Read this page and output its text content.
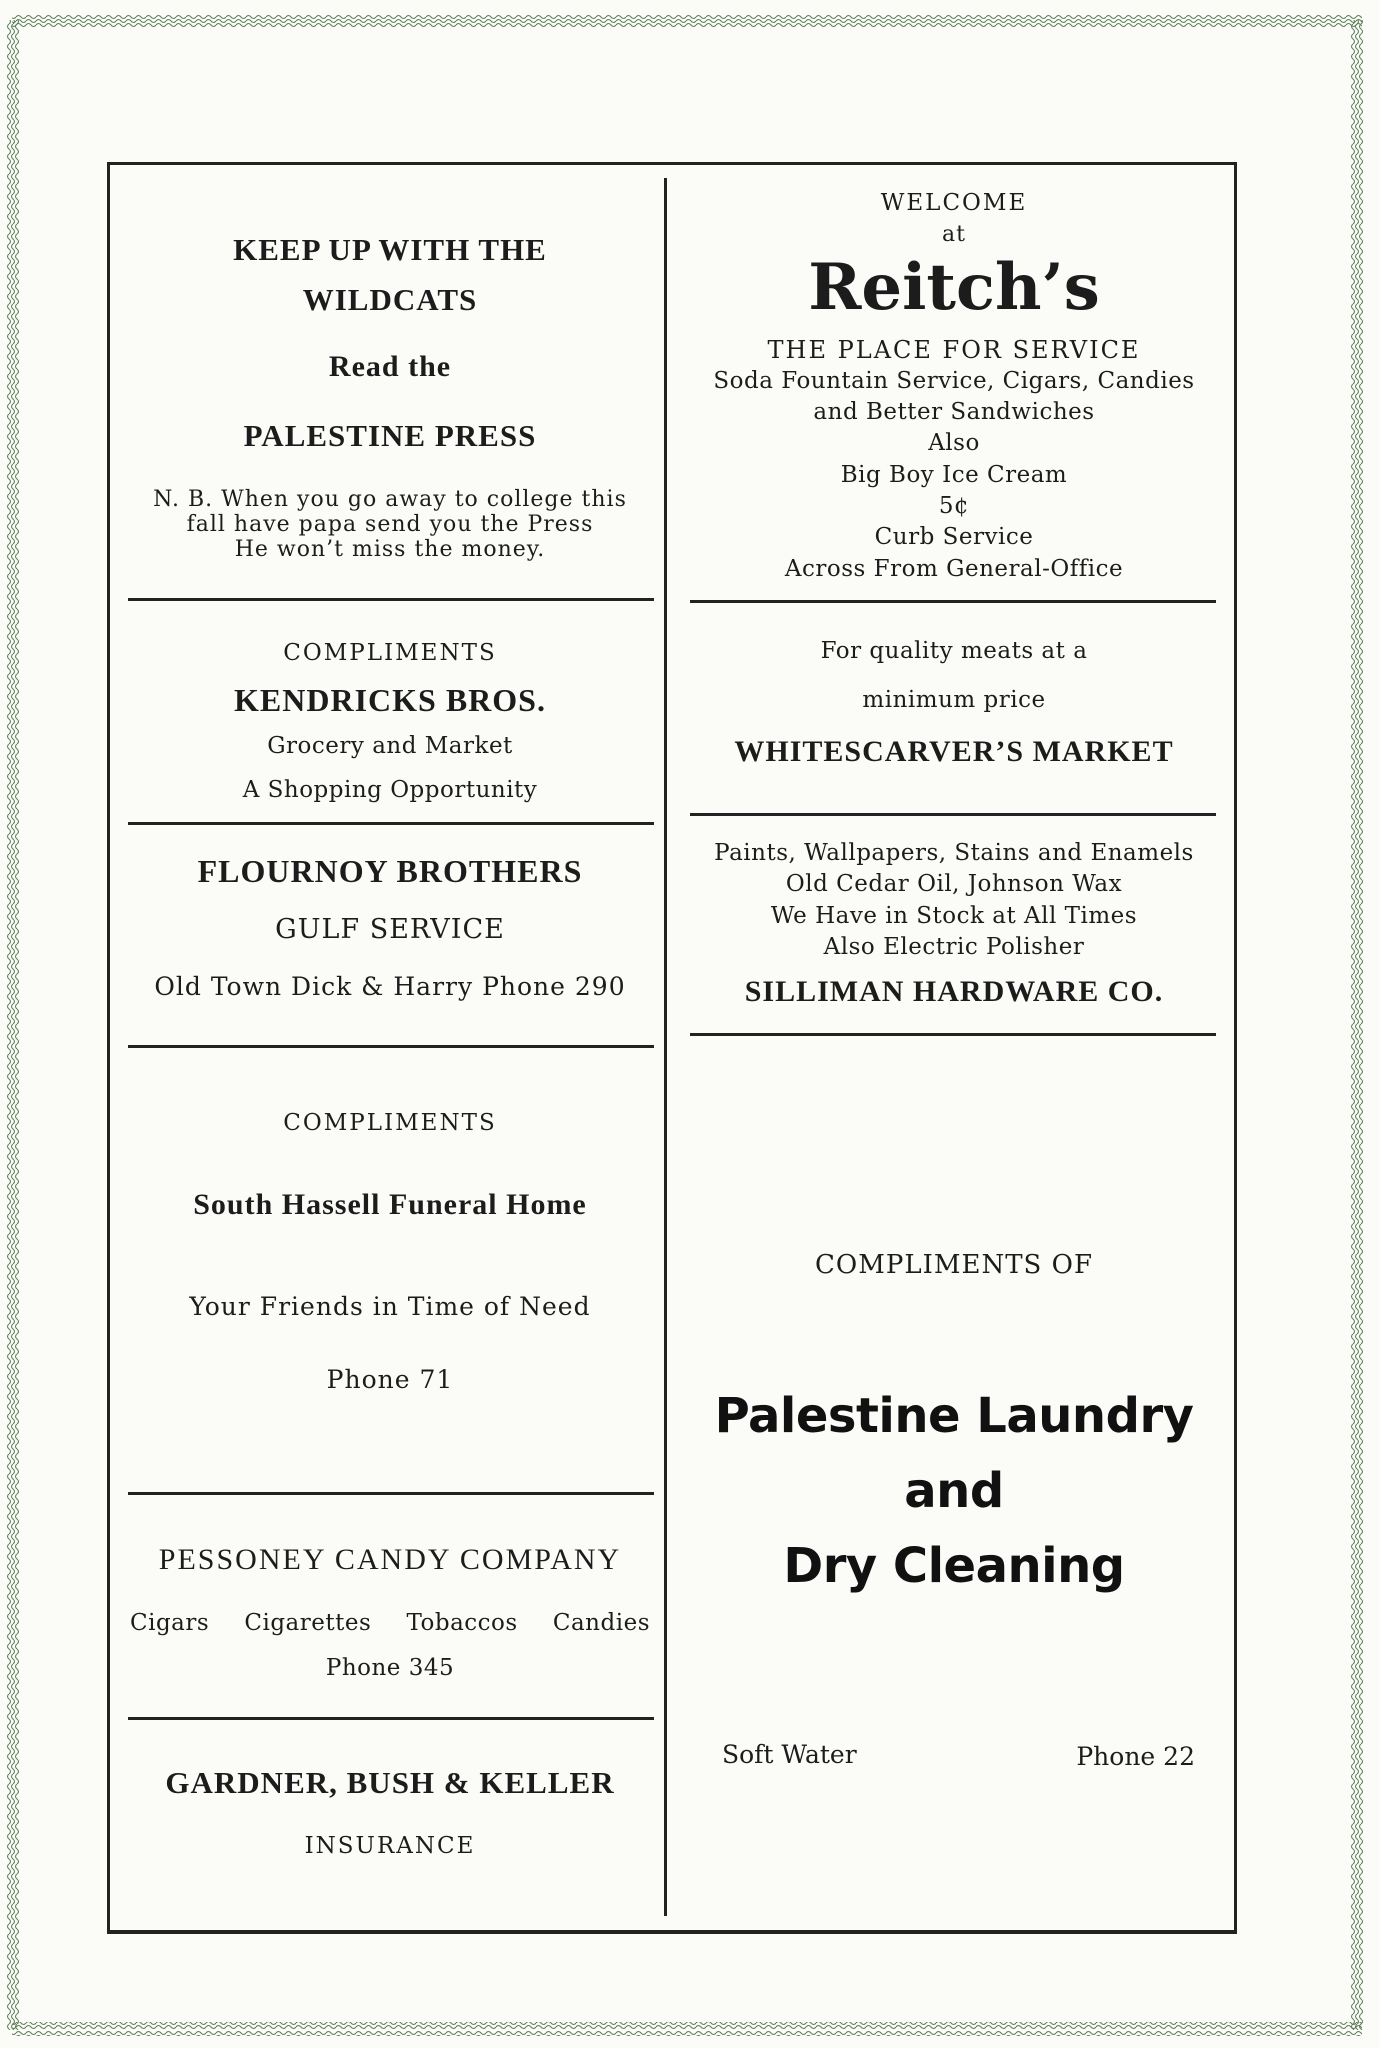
KEEP UP WITH THE
WILDCATS
Read the
PALESTINE PRESS
N. B. When you go away to college this
fall have papa send you the Press
He won’t miss the money.
WELCOME
at
Reitch’s
THE PLACE FOR SERVICE
Soda Fountain Service, Cigars, Candies
and Better Sandwiches
Also
Big Boy Ice Cream
5¢
Curb Service
Across From General-Office
COMPLIMENTS
KENDRICKS BROS.
Grocery and Market
A Shopping Opportunity
For quality meats at a
minimum price
WHITESCARVER’S MARKET
FLOURNOY BROTHERS
GULF SERVICE
Old Town Dick & Harry Phone 290
Paints, Wallpapers, Stains and Enamels
Old Cedar Oil, Johnson Wax
We Have in Stock at All Times
Also Electric Polisher
SILLIMAN HARDWARE CO.
COMPLIMENTS
South Hassell Funeral Home
Your Friends in Time of Need
Phone 71
PESSONEY CANDY COMPANY
Cigars Cigarettes Tobaccos Candies
Phone 345
GARDNER, BUSH & KELLER
INSURANCE
COMPLIMENTS OF
Palestine Laundry
and
Dry Cleaning
Soft Water	Phone 22
